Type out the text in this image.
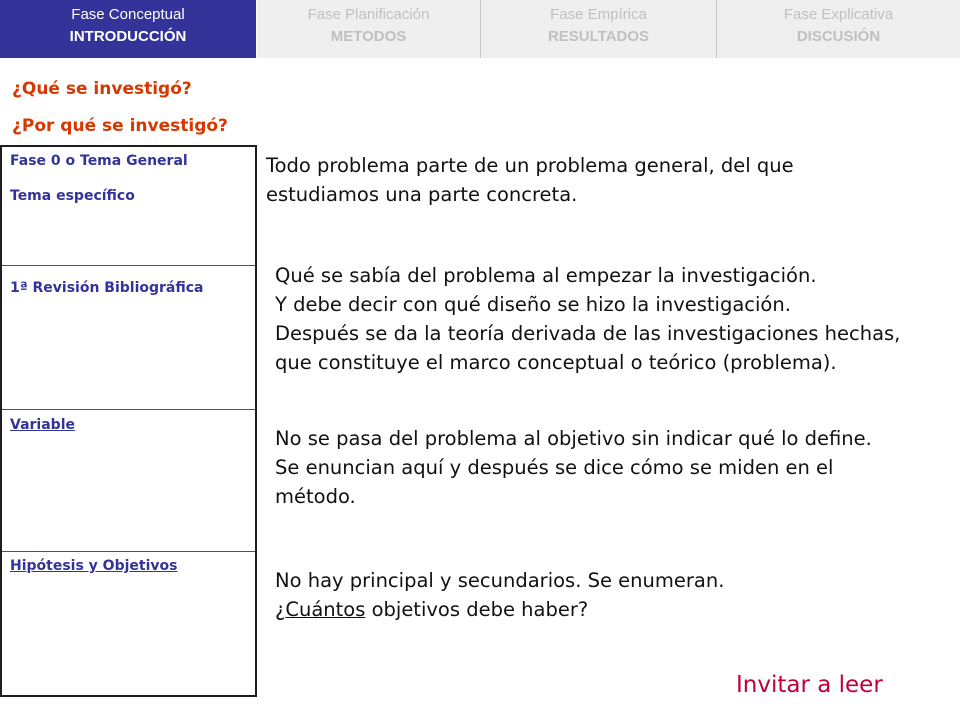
Fase Conceptual
INTRODUCCIÓN
Fase Planificación
METODOS
Fase Empírica
RESULTADOS
Fase Explicativa
DISCUSIÓN
¿Qué se investigó?
¿Por qué se investigó?
Fase 0 o Tema General
Tema específico
1ª Revisión Bibliográfica
Variable
Hipótesis y Objetivos

Todo problema parte de un problema general, del que
estudiamos una parte concreta.

Qué se sabía del problema al empezar la investigación.
Y debe decir con qué diseño se hizo la investigación.
Después se da la teoría derivada de las investigaciones hechas,
que constituye el marco conceptual o teórico (problema).

No se pasa del problema al objetivo sin indicar qué lo define.
Se enuncian aquí y después se dice cómo se miden en el
método.

No hay principal y secundarios. Se enumeran.
¿Cuántos objetivos debe haber?

Invitar a leer
